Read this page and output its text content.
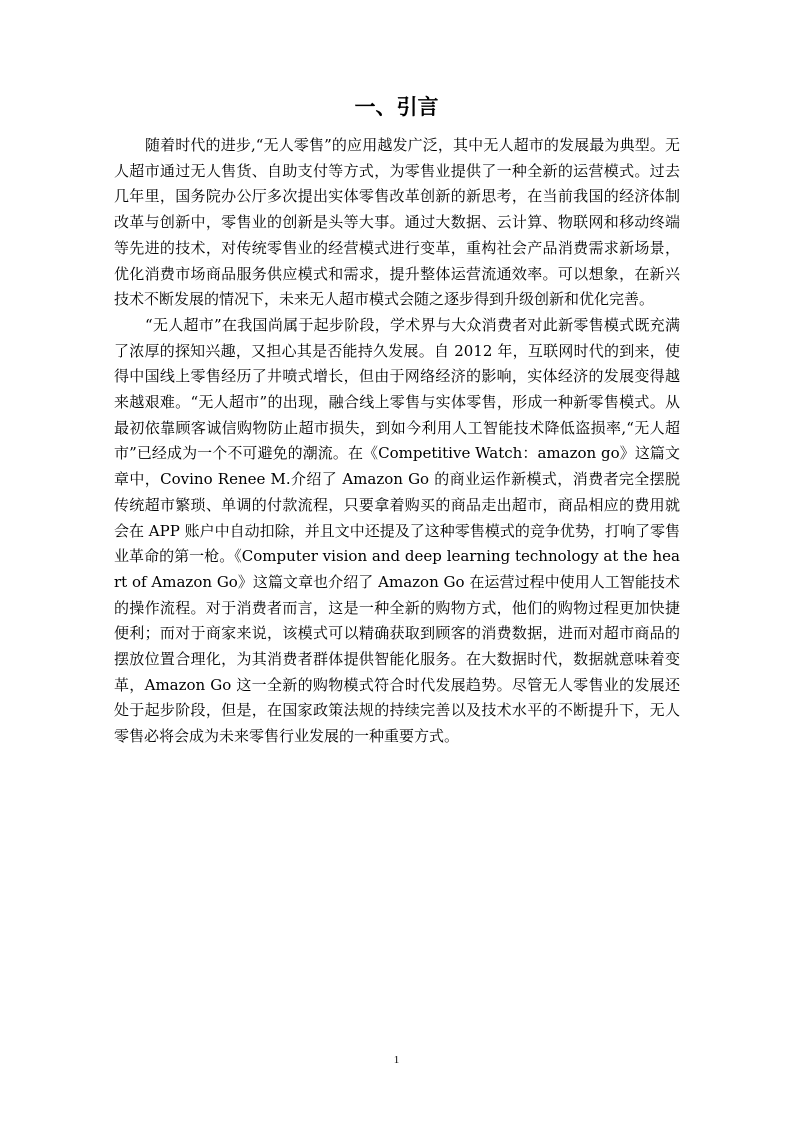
一、引言

随着时代的进步,“无人零售”的应用越发广泛，其中无人超市的发展最为典型。无人超市通过无人售货、自助支付等方式，为零售业提供了一种全新的运营模式。过去几年里，国务院办公厅多次提出实体零售改革创新的新思考，在当前我国的经济体制改革与创新中，零售业的创新是头等大事。通过大数据、云计算、物联网和移动终端等先进的技术，对传统零售业的经营模式进行变革，重构社会产品消费需求新场景，优化消费市场商品服务供应模式和需求，提升整体运营流通效率。可以想象，在新兴技术不断发展的情况下，未来无人超市模式会随之逐步得到升级创新和优化完善。

“无人超市”在我国尚属于起步阶段，学术界与大众消费者对此新零售模式既充满了浓厚的探知兴趣，又担心其是否能持久发展。自 2012 年，互联网时代的到来，使得中国线上零售经历了井喷式增长，但由于网络经济的影响，实体经济的发展变得越来越艰难。“无人超市”的出现，融合线上零售与实体零售，形成一种新零售模式。从最初依靠顾客诚信购物防止超市损失，到如今利用人工智能技术降低盗损率,“无人超市”已经成为一个不可避免的潮流。在《Competitive Watch：amazon go》这篇文章中，Covino Renee M.介绍了 Amazon Go 的商业运作新模式，消费者完全摆脱传统超市繁琐、单调的付款流程，只要拿着购买的商品走出超市，商品相应的费用就会在 APP 账户中自动扣除，并且文中还提及了这种零售模式的竞争优势，打响了零售业革命的第一枪。《Computer vision and deep learning technology at the heart of Amazon Go》这篇文章也介绍了 Amazon Go 在运营过程中使用人工智能技术的操作流程。对于消费者而言，这是一种全新的购物方式，他们的购物过程更加快捷便利；而对于商家来说，该模式可以精确获取到顾客的消费数据，进而对超市商品的摆放位置合理化，为其消费者群体提供智能化服务。在大数据时代，数据就意味着变革，Amazon Go 这一全新的购物模式符合时代发展趋势。尽管无人零售业的发展还处于起步阶段，但是，在国家政策法规的持续完善以及技术水平的不断提升下，无人零售必将会成为未来零售行业发展的一种重要方式。

1
